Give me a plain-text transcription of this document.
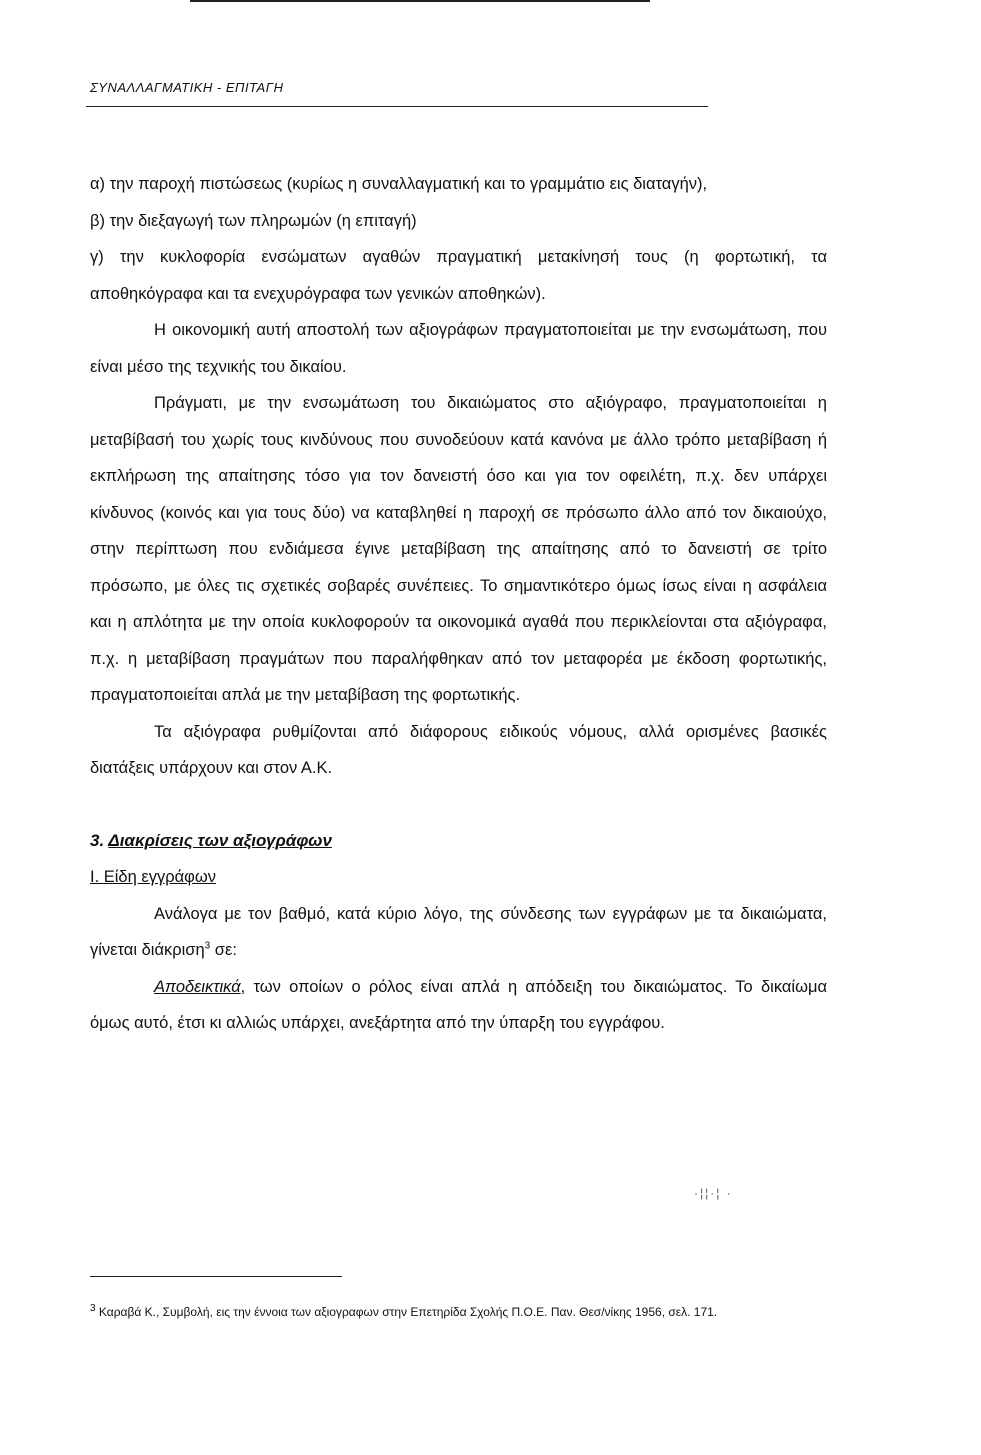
ΣΥΝΑΛΛΑΓΜΑΤΙΚΗ - ΕΠΙΤΑΓΗ

α) την παροχή πιστώσεως (κυρίως η συναλλαγματική και το γραμμάτιο εις διαταγήν),

β) την διεξαγωγή των πληρωμών (η επιταγή)

γ) την κυκλοφορία ενσώματων αγαθών πραγματική μετακίνησή τους (η φορτωτική, τα αποθηκόγραφα και τα ενεχυρόγραφα των γενικών αποθηκών).

Η οικονομική αυτή αποστολή των αξιογράφων πραγματοποιείται με την ενσωμάτωση, που είναι μέσο της τεχνικής του δικαίου.

Πράγματι, με την ενσωμάτωση του δικαιώματος στο αξιόγραφο, πραγματοποιείται η μεταβίβασή του χωρίς τους κινδύνους που συνοδεύουν κατά κανόνα με άλλο τρόπο μεταβίβαση ή εκπλήρωση της απαίτησης τόσο για τον δανειστή όσο και για τον οφειλέτη, π.χ. δεν υπάρχει κίνδυνος (κοινός και για τους δύο) να καταβληθεί η παροχή σε πρόσωπο άλλο από τον δικαιούχο, στην περίπτωση που ενδιάμεσα έγινε μεταβίβαση της απαίτησης από το δανειστή σε τρίτο πρόσωπο, με όλες τις σχετικές σοβαρές συνέπειες. Το σημαντικότερο όμως ίσως είναι η ασφάλεια και η απλότητα με την οποία κυκλοφορούν τα οικονομικά αγαθά που περικλείονται στα αξιόγραφα, π.χ. η μεταβίβαση πραγμάτων που παραλήφθηκαν από τον μεταφορέα με έκδοση φορτωτικής, πραγματοποιείται απλά με την μεταβίβαση της φορτωτικής.

Τα αξιόγραφα ρυθμίζονται από διάφορους ειδικούς νόμους, αλλά ορισμένες βασικές διατάξεις υπάρχουν και στον Α.Κ.

3. Διακρίσεις των αξιογράφων

Ι. Είδη εγγράφων

Ανάλογα με τον βαθμό, κατά κύριο λόγο, της σύνδεσης των εγγράφων με τα δικαιώματα, γίνεται διάκριση$^3$ σε:

Αποδεικτικά, των οποίων ο ρόλος είναι απλά η απόδειξη του δικαιώματος. Το δικαίωμα όμως αυτό, έτσι κι αλλιώς υπάρχει, ανεξάρτητα από την ύπαρξη του εγγράφου.

·¦¦·¦ ·

$^3$ Καραβά Κ., Συμβολή, εις την έννοια των αξιογραφων στην Επετηρίδα Σχολής Π.Ο.Ε. Παν. Θεσ/νίκης 1956, σελ. 171.
